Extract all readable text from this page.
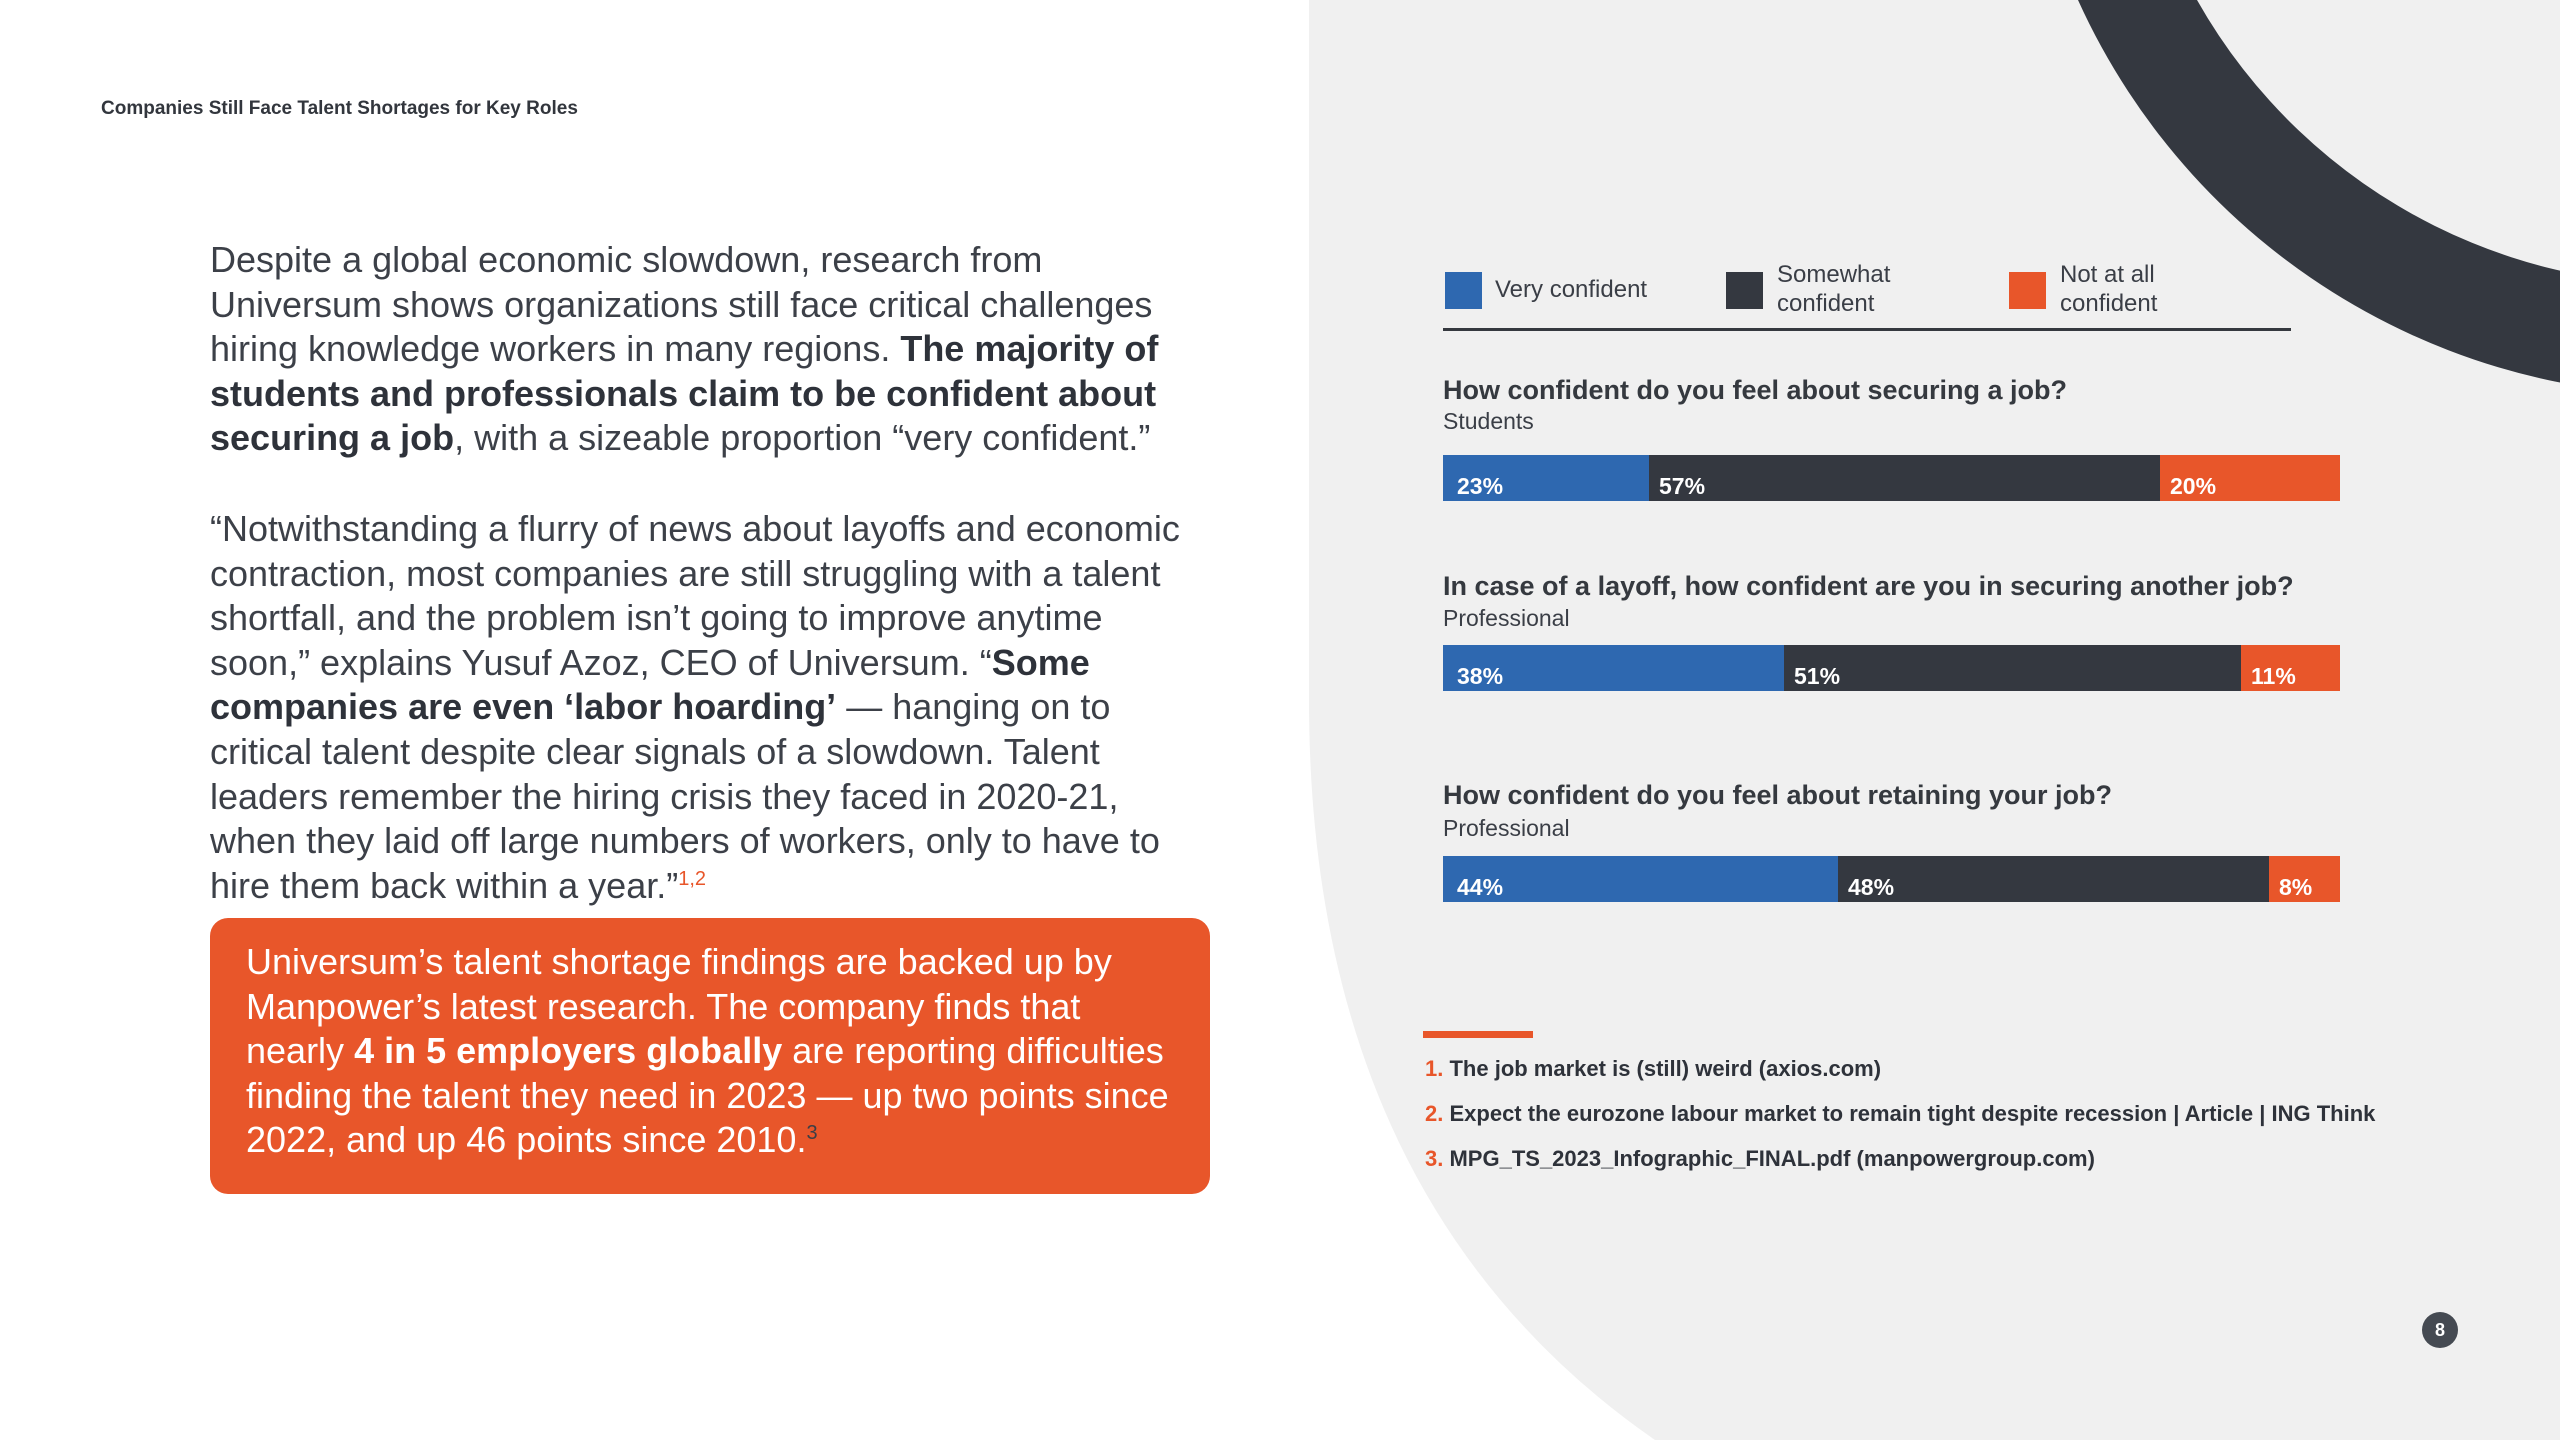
Companies Still Face Talent Shortages for Key Roles
Despite a global economic slowdown, research from Universum shows organizations still face critical challenges hiring knowledge workers in many regions. The majority of students and professionals claim to be confident about securing a job, with a sizeable proportion “very confident.”
“Notwithstanding a flurry of news about layoffs and economic contraction, most companies are still struggling with a talent shortfall, and the problem isn’t going to improve anytime soon,” explains Yusuf Azoz, CEO of Universum. “Some companies are even ‘labor hoarding’ — hanging on to critical talent despite clear signals of a slowdown. Talent leaders remember the hiring crisis they faced in 2020-21, when they laid off large numbers of workers, only to have to hire them back within a year.”$^{1,2}$
Universum’s talent shortage findings are backed up by Manpower’s latest research. The company finds that nearly 4 in 5 employers globally are reporting difficulties finding the talent they need in 2023 — up two points since 2022, and up 46 points since 2010.$^3$
Very confident
Somewhat
confident
Not at all
confident
How confident do you feel about securing a job?
Students
23%	57%	20%
In case of a layoff, how confident are you in securing another job?
Professional
38%	51%	11%
How confident do you feel about retaining your job?
Professional
44%	48%	8%
1. The job market is (still) weird (axios.com)
2. Expect the eurozone labour market to remain tight despite recession | Article | ING Think
3. MPG_TS_2023_Infographic_FINAL.pdf (manpowergroup.com)
8
